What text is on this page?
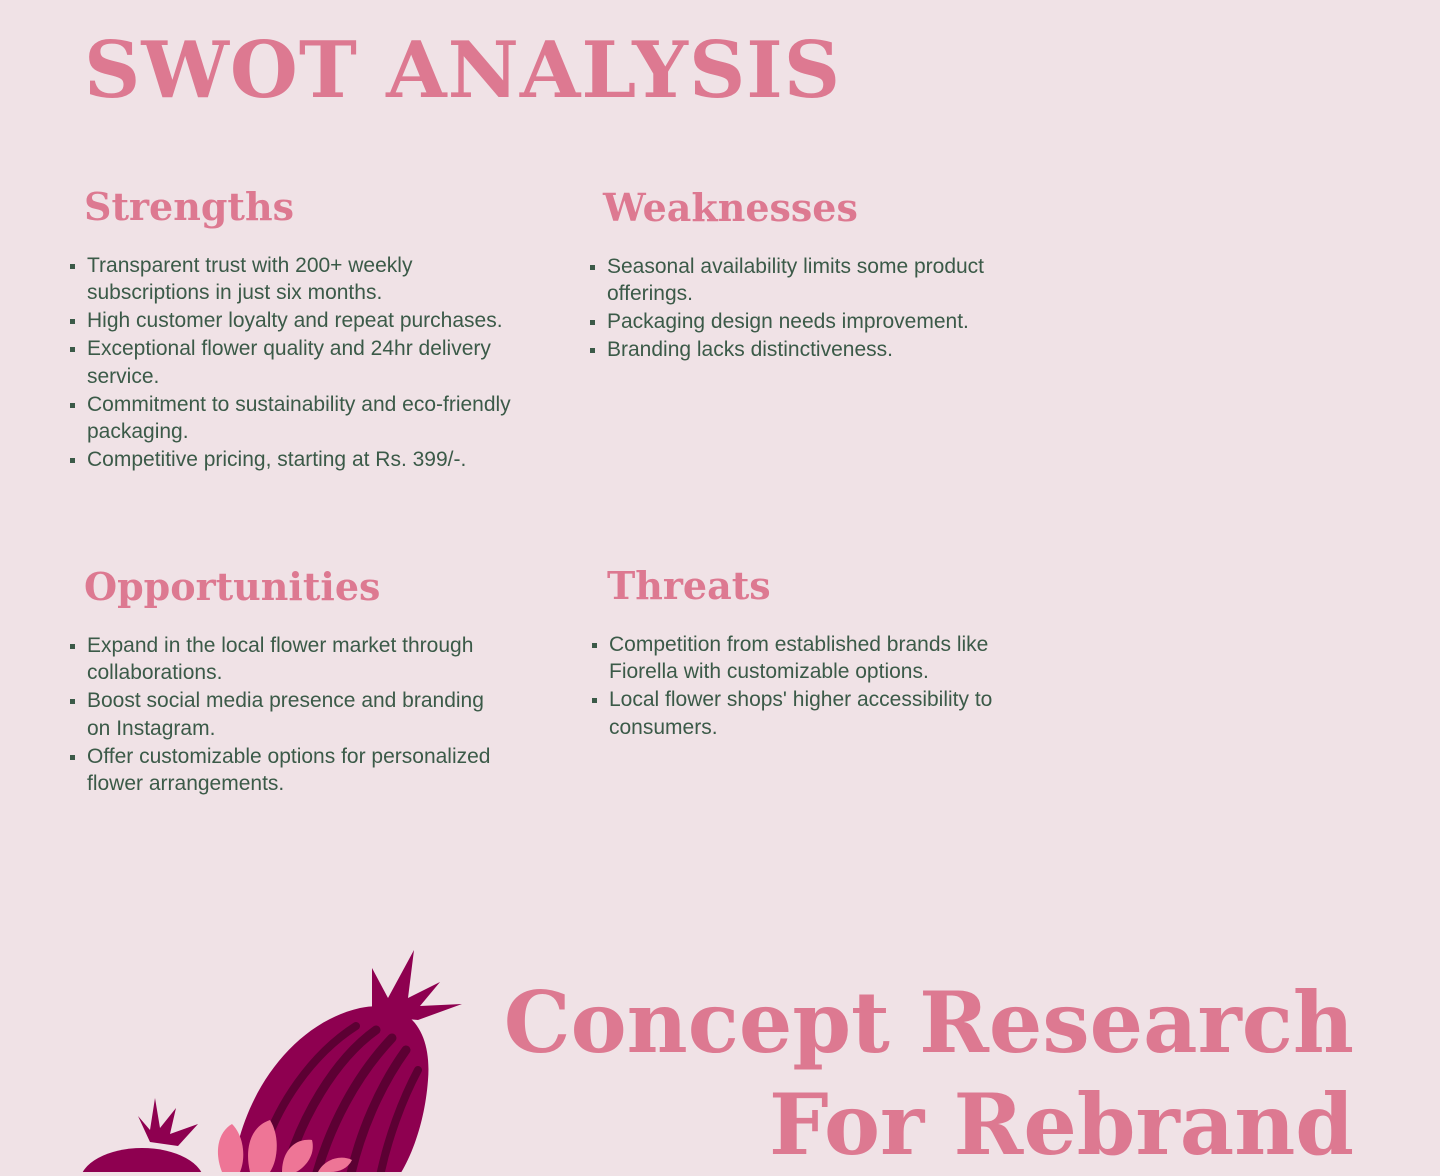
SWOT ANALYSIS
Strengths
Transparent trust with 200+ weekly subscriptions in just six months.
High customer loyalty and repeat purchases.
Exceptional flower quality and 24hr delivery service.
Commitment to sustainability and eco-friendly packaging.
Competitive pricing, starting at Rs. 399/-.
Weaknesses
Seasonal availability limits some product offerings.
Packaging design needs improvement.
Branding lacks distinctiveness.
Opportunities
Expand in the local flower market through collaborations.
Boost social media presence and branding on Instagram.
Offer customizable options for personalized flower arrangements.
Threats
Competition from established brands like Fiorella with customizable options.
Local flower shops' higher accessibility to consumers.
Concept Research
For Rebrand
